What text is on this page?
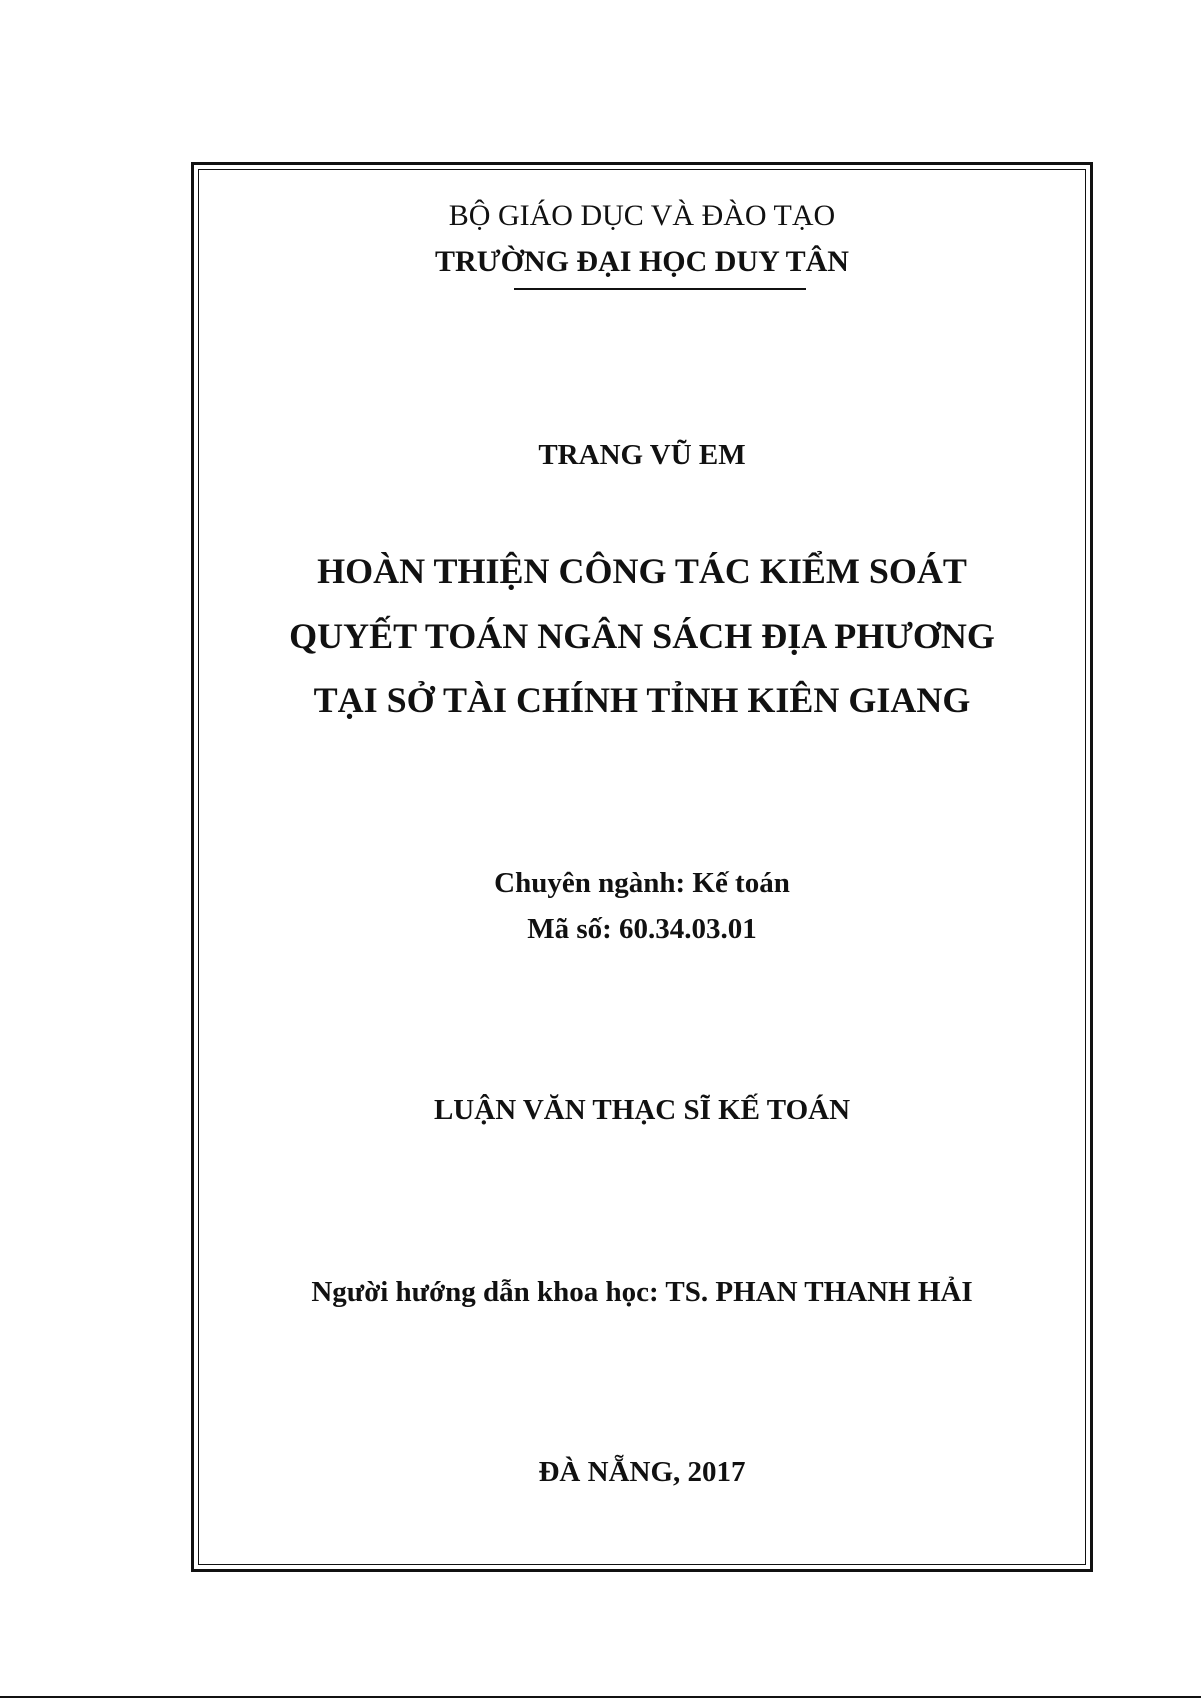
BỘ GIÁO DỤC VÀ ĐÀO TẠO
TRƯỜNG ĐẠI HỌC DUY TÂN
TRANG VŨ EM
HOÀN THIỆN CÔNG TÁC KIỂM SOÁT
QUYẾT TOÁN NGÂN SÁCH ĐỊA PHƯƠNG
TẠI SỞ TÀI CHÍNH TỈNH KIÊN GIANG
Chuyên ngành: Kế toán
Mã số: 60.34.03.01
LUẬN VĂN THẠC SĨ KẾ TOÁN
Người hướng dẫn khoa học: TS. PHAN THANH HẢI
ĐÀ NẴNG, 2017
